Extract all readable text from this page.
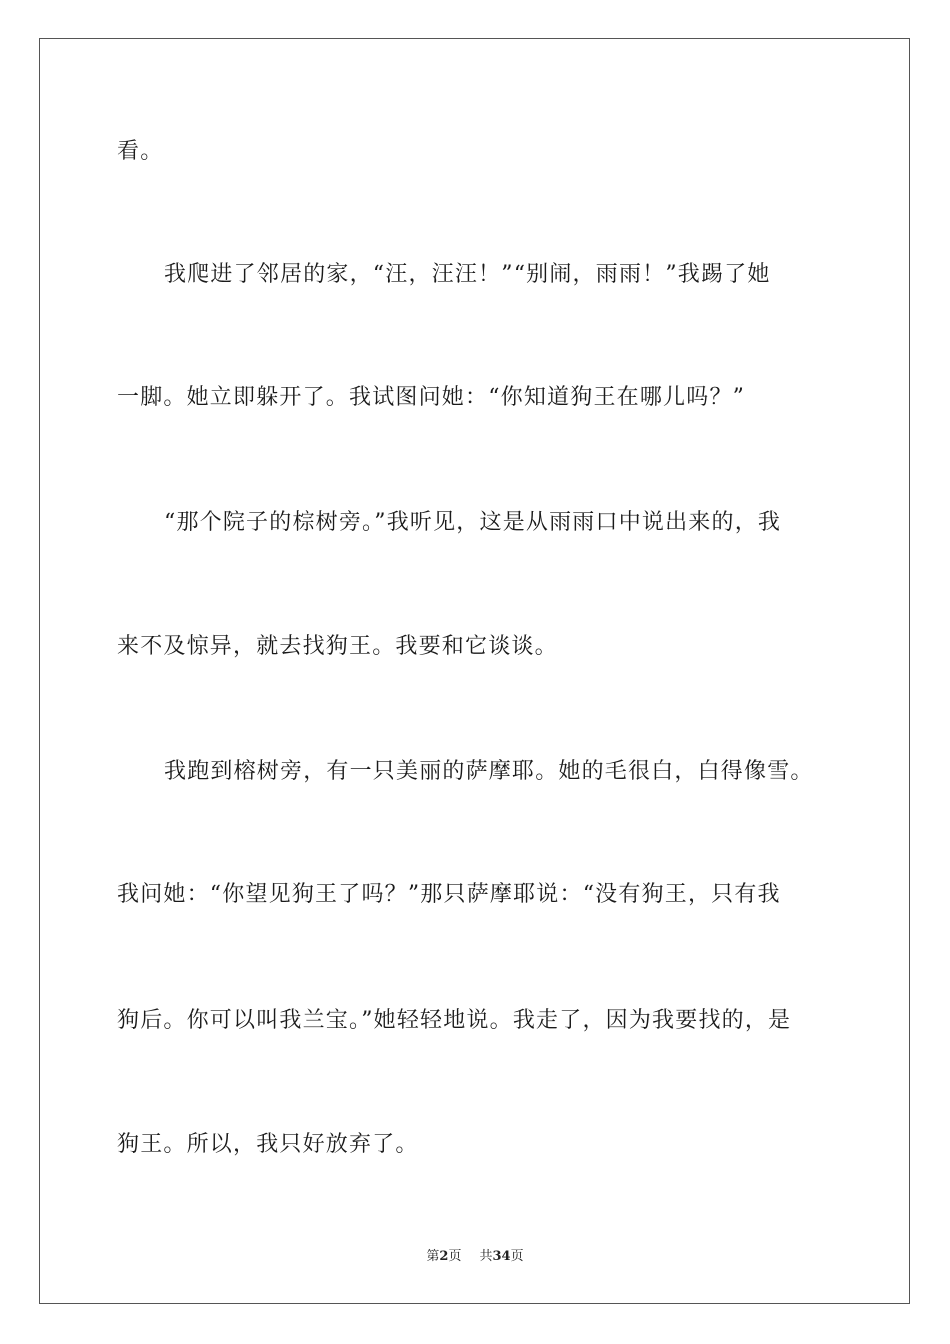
看。
我爬进了邻居的家，“汪，汪汪！”“别闹，雨雨！”我踢了她
一脚。她立即躲开了。我试图问她：“你知道狗王在哪儿吗？”
“那个院子的棕树旁。”我听见，这是从雨雨口中说出来的，我
来不及惊异，就去找狗王。我要和它谈谈。
我跑到榕树旁，有一只美丽的萨摩耶。她的毛很白，白得像雪。
我问她：“你望见狗王了吗？”那只萨摩耶说：“没有狗王，只有我
狗后。你可以叫我兰宝。”她轻轻地说。我走了，因为我要找的，是
狗王。所以，我只好放弃了。
第2页 共34页
